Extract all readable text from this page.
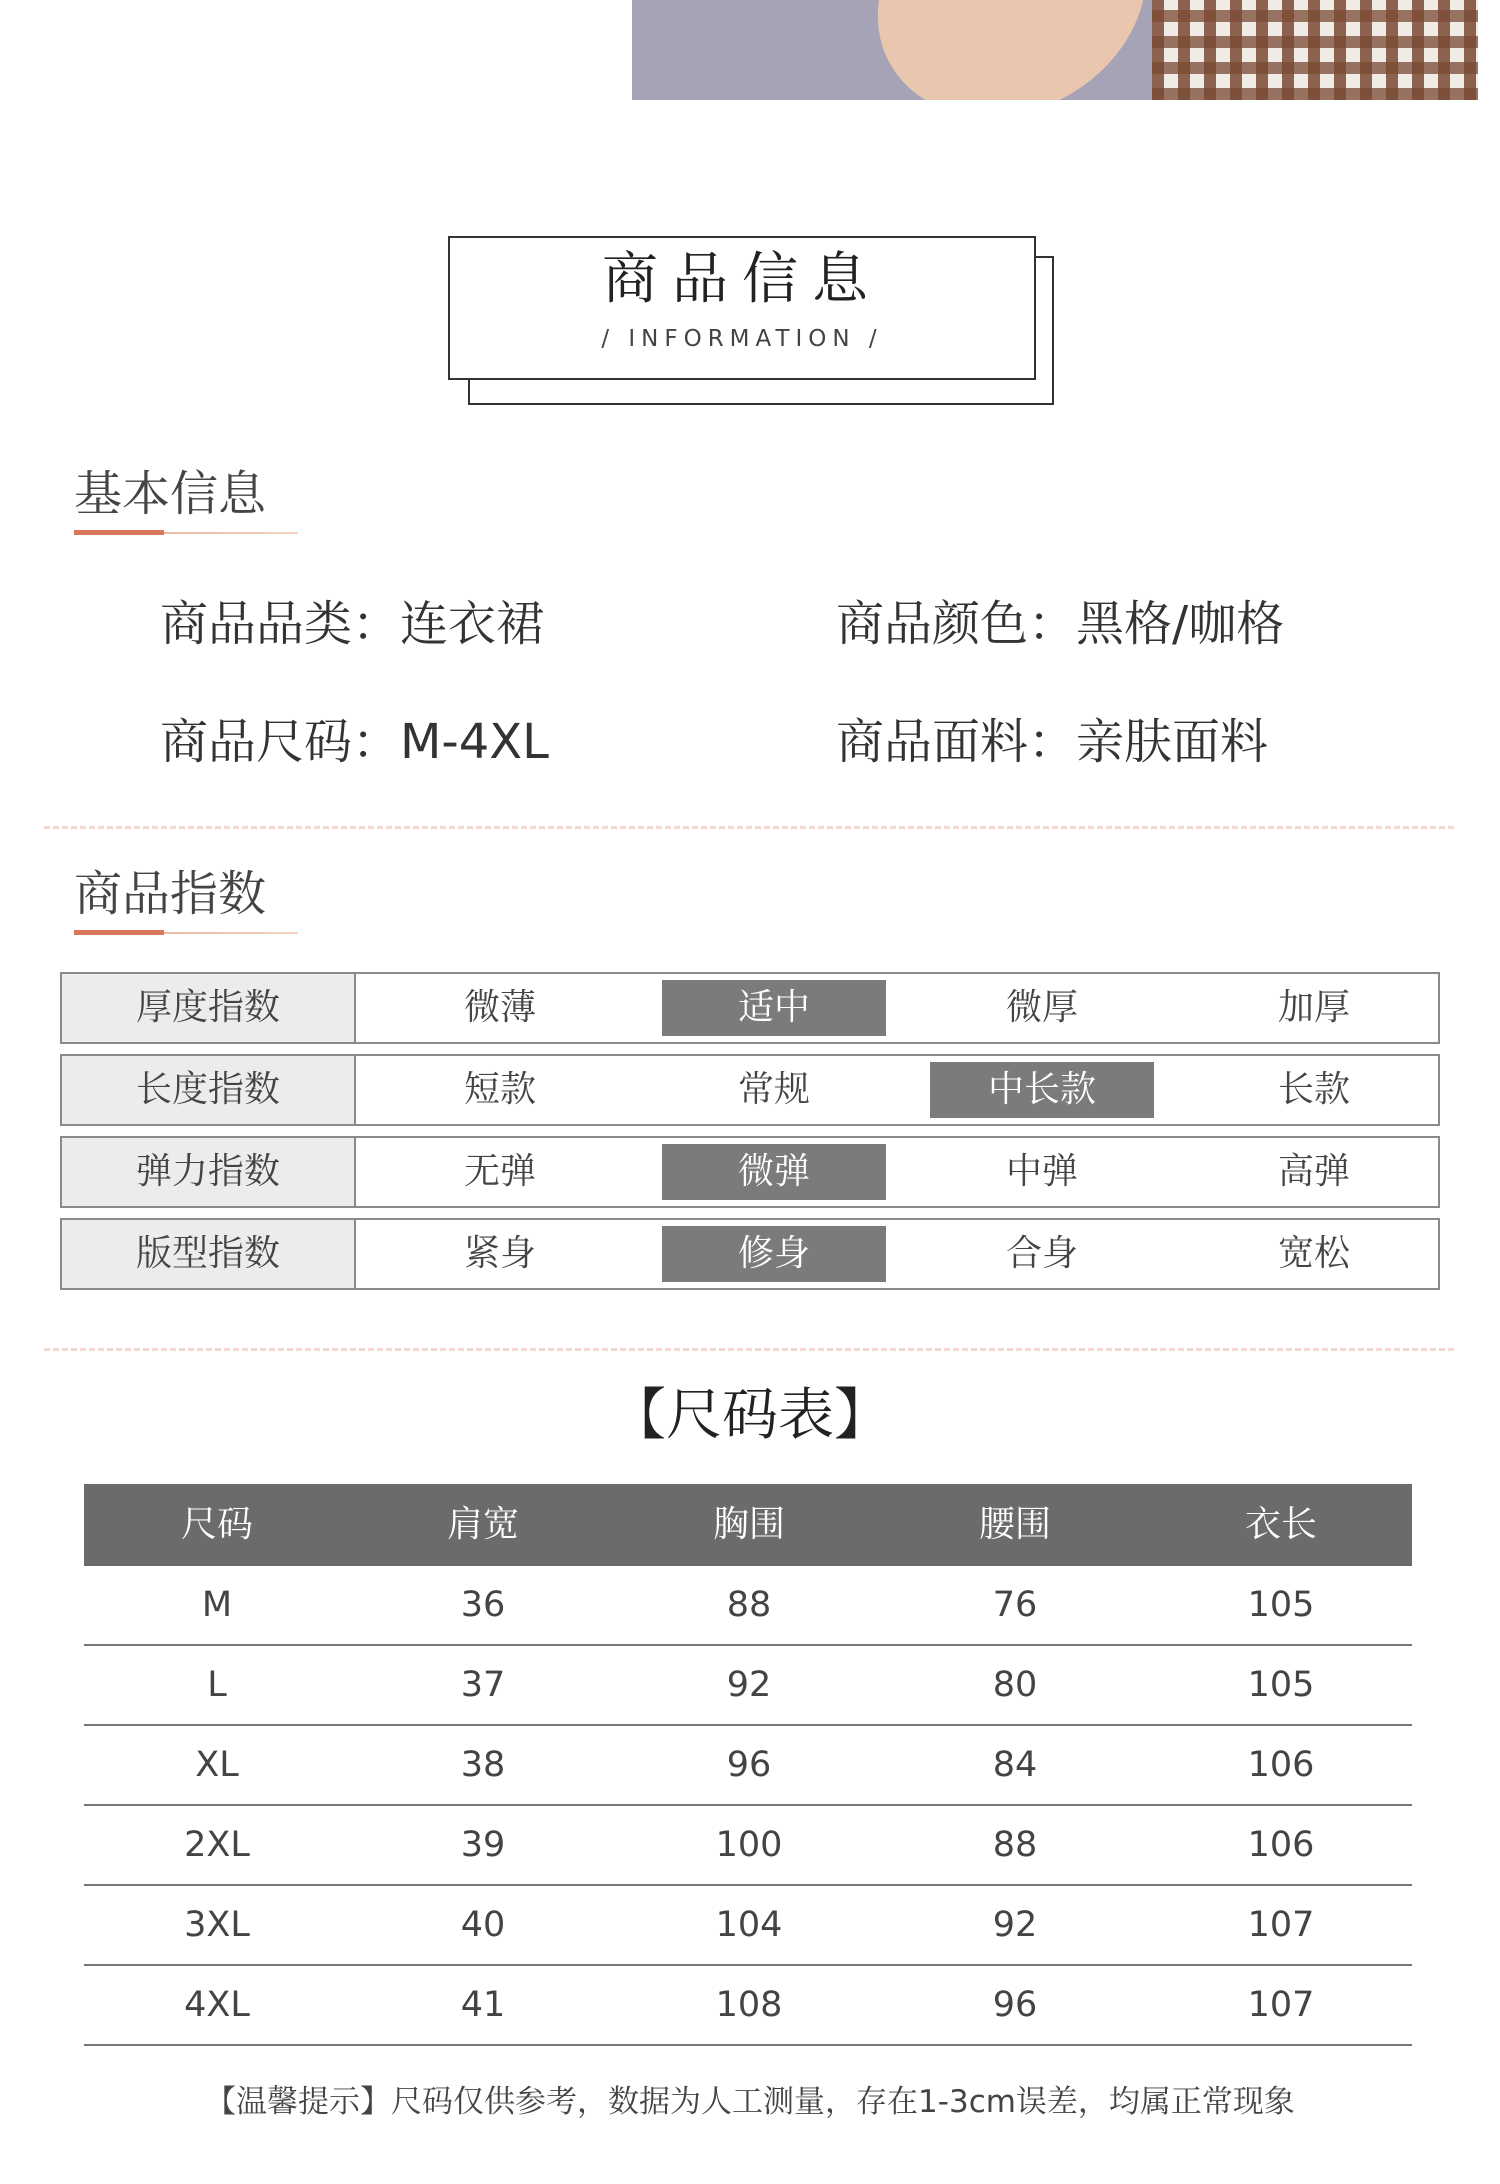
商品信息
/ INFORMATION /
基本信息
商品品类：连衣裙	商品颜色：黑格/咖格
商品尺码：M-4XL	商品面料：亲肤面料
商品指数
厚度指数	微薄	适中	微厚	加厚
长度指数	短款	常规	中长款	长款
弹力指数	无弹	微弹	中弹	高弹
版型指数	紧身	修身	合身	宽松
【尺码表】
尺码	肩宽	胸围	腰围	衣长
M	36	88	76	105
L	37	92	80	105
XL	38	96	84	106
2XL	39	100	88	106
3XL	40	104	92	107
4XL	41	108	96	107
【温馨提示】尺码仅供参考，数据为人工测量，存在1-3cm误差，均属正常现象
